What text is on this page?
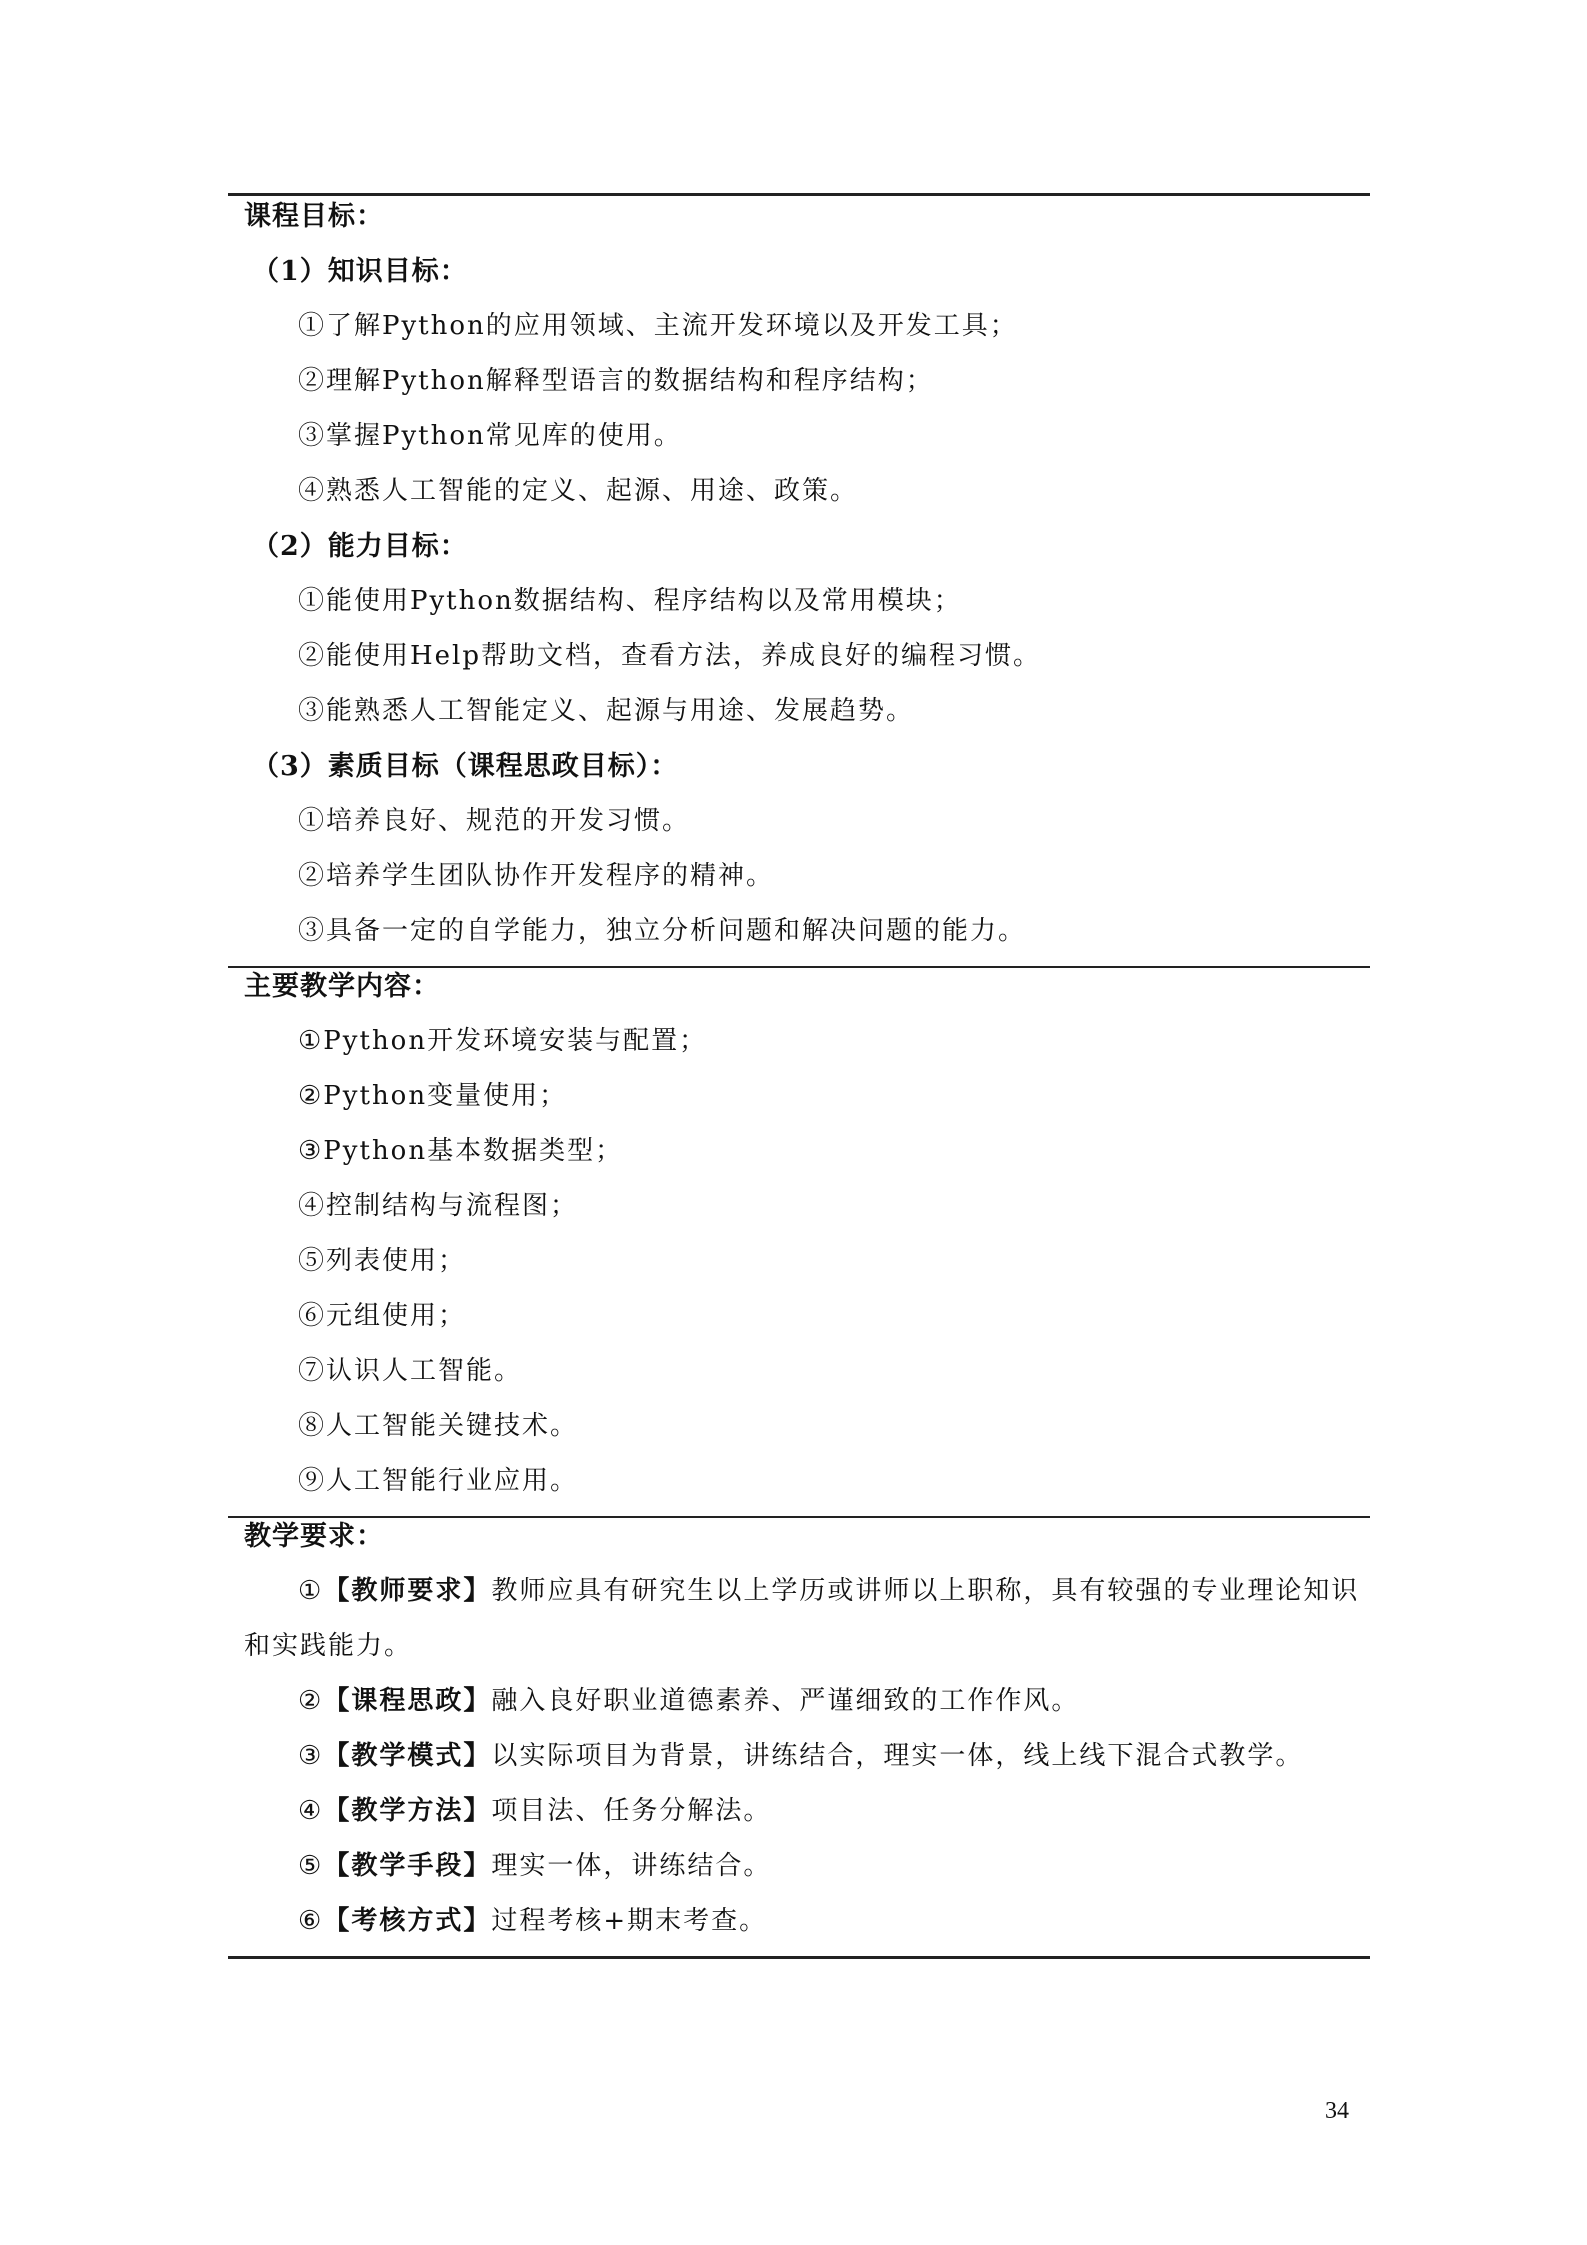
课程目标：
（1）知识目标：
①了解Python的应用领域、主流开发环境以及开发工具；
②理解Python解释型语言的数据结构和程序结构；
③掌握Python常见库的使用。
④熟悉人工智能的定义、起源、用途、政策。
（2）能力目标：
①能使用Python数据结构、程序结构以及常用模块；
②能使用Help帮助文档，查看方法，养成良好的编程习惯。
③能熟悉人工智能定义、起源与用途、发展趋势。
（3）素质目标（课程思政目标）：
①培养良好、规范的开发习惯。
②培养学生团队协作开发程序的精神。
③具备一定的自学能力，独立分析问题和解决问题的能力。
主要教学内容：
①Python开发环境安装与配置；
②Python变量使用；
③Python基本数据类型；
④控制结构与流程图；
⑤列表使用；
⑥元组使用；
⑦认识人工智能。
⑧人工智能关键技术。
⑨人工智能行业应用。
教学要求：
①【教师要求】教师应具有研究生以上学历或讲师以上职称，具有较强的专业理论知识和实践能力。
②【课程思政】融入良好职业道德素养、严谨细致的工作作风。
③【教学模式】以实际项目为背景，讲练结合，理实一体，线上线下混合式教学。
④【教学方法】项目法、任务分解法。
⑤【教学手段】理实一体，讲练结合。
⑥【考核方式】过程考核+期末考查。
34
